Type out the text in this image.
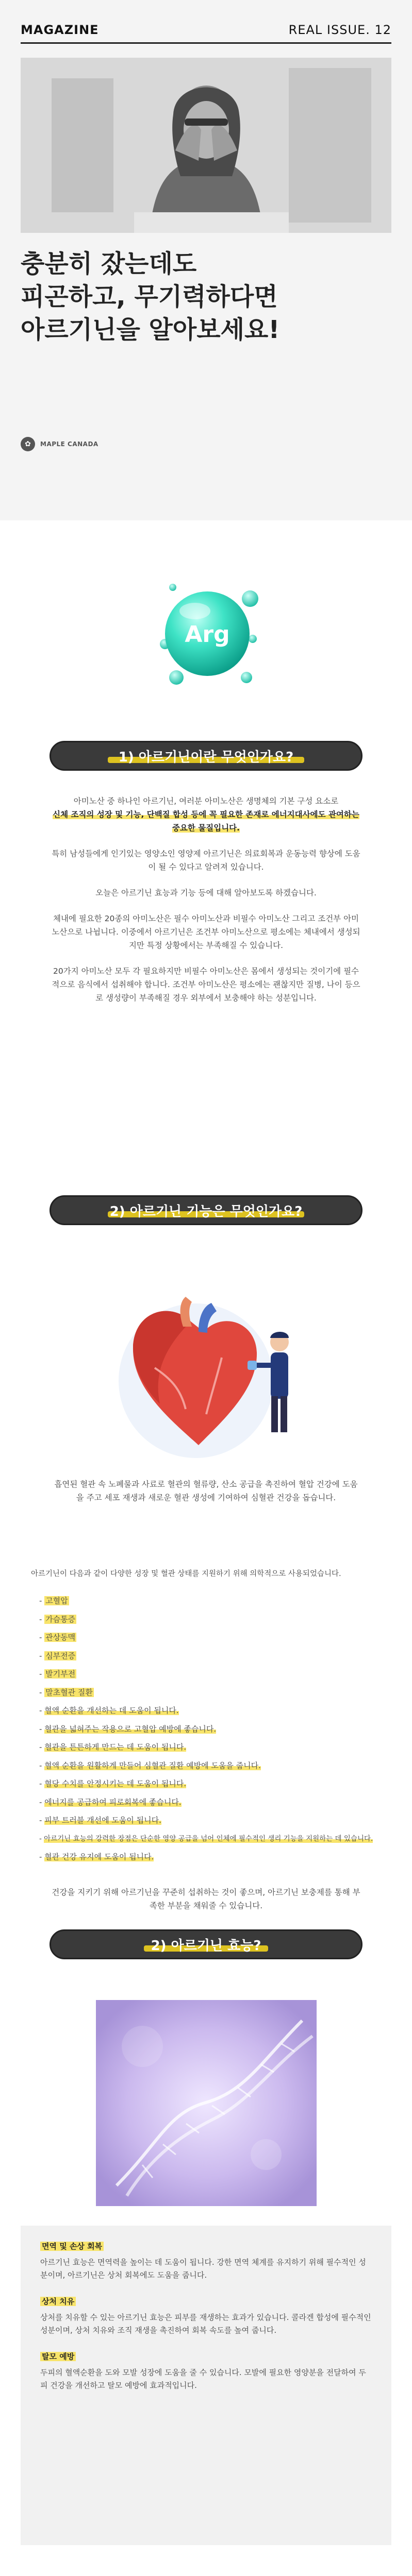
MAGAZINE	REAL ISSUE. 12
충분히 잤는데도
피곤하고, 무기력하다면
아르기닌을 알아보세요!
✿	MAPLE CANADA
Arg
1) 아르기닌이란 무엇인가요?

아미노산 중 하나인 아르기닌, 여러분 아미노산은 생명체의 기본 구성 요소로

신체 조직의 성장 및 기능, 단백질 합성 등에 꼭 필요한 존재로 에너지대사에도 관여하는 중요한 물질입니다.

특히 남성들에게 인기있는 영양소인 영양제 아르기닌은 의료회복과 운동능력 향상에 도움이 될 수 있다고 알려져 있습니다.

오늘은 아르기닌 효능과 기능 등에 대해 알아보도록 하겠습니다.

체내에 필요한 20종의 아미노산은 필수 아미노산과 비필수 아미노산 그리고 조건부 아미노산으로 나뉩니다. 이중에서 아르기닌은 조건부 아미노산으로 평소에는 체내에서 생성되지만 특정 상황에서는 부족해질 수 있습니다.

20가지 아미노산 모두 각 필요하지만 비필수 아미노산은 몸에서 생성되는 것이기에 필수적으로 음식에서 섭취해야 합니다. 조건부 아미노산은 평소에는 괜찮지만 질병, 나이 등으로 생성량이 부족해질 경우 외부에서 보충해야 하는 성분입니다.

2) 아르기닌 기능은 무엇인가요?

흡연된 혈관 속 노폐물과 사료로 혈관의 혈류량, 산소 공급을 촉진하여 혈압 건강에 도움을 주고 세포 재생과 새로운 혈관 생성에 기여하여 심혈관 건강을 돕습니다.

아르기닌이 다음과 같이 다양한 성장 및 혈관 상태를 지원하기 위해 의학적으로 사용되었습니다.

- 고혈압
- 가슴통증
- 관상동맥
- 심부전증
- 발기부전
- 말초혈관 질환
- 혈액 순환을 개선하는 데 도움이 됩니다.
- 혈관을 넓혀주는 작용으로 고혈압 예방에 좋습니다.
- 혈관을 튼튼하게 만드는 데 도움이 됩니다.
- 혈액 순환을 원활하게 만들어 심혈관 질환 예방에 도움을 줍니다.
- 혈당 수치를 안정시키는 데 도움이 됩니다.
- 에너지를 공급하여 피로회복에 좋습니다.
- 피부 트러블 개선에 도움이 됩니다.
- 아르기닌 효능의 강력한 장점은 단순한 영양 공급을 넘어 인체에 필수적인 생리 기능을 지원하는 데 있습니다.
- 혈관 건강 유지에 도움이 됩니다.

건강을 지키기 위해 아르기닌을 꾸준히 섭취하는 것이 좋으며, 아르기닌 보충제를 통해 부족한 부분을 채워줄 수 있습니다.

2) 아르기닌 효능?

면역 및 손상 회복

아르기닌 효능은 면역력을 높이는 데 도움이 됩니다. 강한 면역 체계를 유지하기 위해 필수적인 성분이며, 아르기닌은 상처 회복에도 도움을 줍니다.

상처 치유

상처를 치유할 수 있는 아르기닌 효능은 피부를 재생하는 효과가 있습니다. 콜라겐 합성에 필수적인 성분이며, 상처 치유와 조직 재생을 촉진하여 회복 속도를 높여 줍니다.

탈모 예방

두피의 혈액순환을 도와 모발 성장에 도움을 줄 수 있습니다. 모발에 필요한 영양분을 전달하여 두피 건강을 개선하고 탈모 예방에 효과적입니다.
